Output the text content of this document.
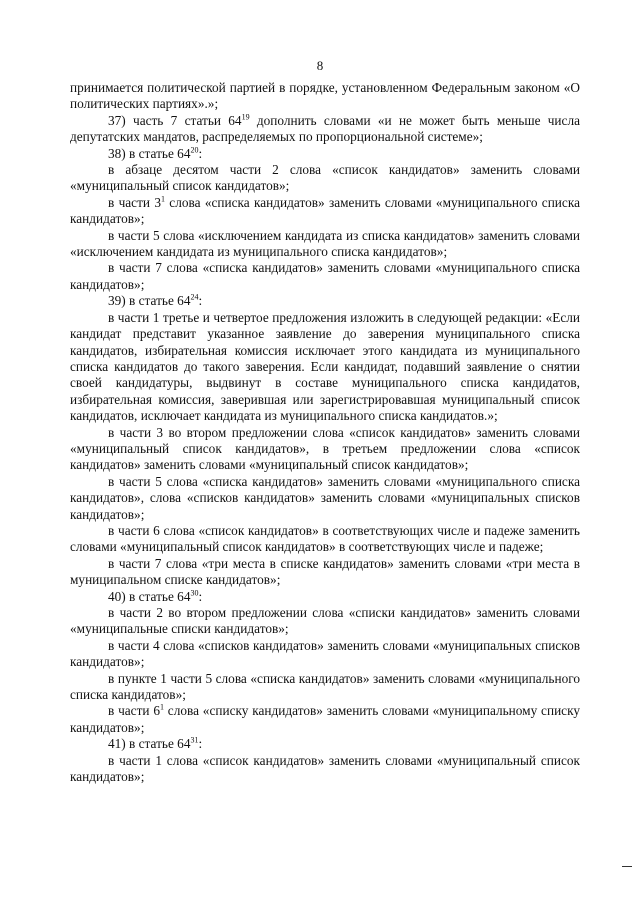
8

принимается политической партией в порядке, установленном Федеральным законом «О политических партиях».»;

37) часть 7 статьи $64^{19}$ дополнить словами «и не может быть меньше числа депутатских мандатов, распределяемых по пропорциональной системе»;

38) в статье $64^{20}$:

в абзаце десятом части 2 слова «список кандидатов» заменить словами «муниципальный список кандидатов»;

в части $3^1$ слова «списка кандидатов» заменить словами «муниципального списка кандидатов»;

в части 5 слова «исключением кандидата из списка кандидатов» заменить словами «исключением кандидата из муниципального списка кандидатов»;

в части 7 слова «списка кандидатов» заменить словами «муниципального списка кандидатов»;

39) в статье $64^{24}$:

в части 1 третье и четвертое предложения изложить в следующей редакции: «Если кандидат представит указанное заявление до заверения муниципального списка кандидатов, избирательная комиссия исключает этого кандидата из муниципального списка кандидатов до такого заверения. Если кандидат, подавший заявление о снятии своей кандидатуры, выдвинут в составе муниципального списка кандидатов, избирательная комиссия, заверившая или зарегистрировавшая муниципальный список кандидатов, исключает кандидата из муниципального списка кандидатов.»;

в части 3 во втором предложении слова «список кандидатов» заменить словами «муниципальный список кандидатов», в третьем предложении слова «список кандидатов» заменить словами «муниципальный список кандидатов»;

в части 5 слова «списка кандидатов» заменить словами «муниципального списка кандидатов», слова «списков кандидатов» заменить словами «муниципальных списков кандидатов»;

в части 6 слова «список кандидатов» в соответствующих числе и падеже заменить словами «муниципальный список кандидатов» в соответствующих числе и падеже;

в части 7 слова «три места в списке кандидатов» заменить словами «три места в муниципальном списке кандидатов»;

40) в статье $64^{30}$:

в части 2 во втором предложении слова «списки кандидатов» заменить словами «муниципальные списки кандидатов»;

в части 4 слова «списков кандидатов» заменить словами «муниципальных списков кандидатов»;

в пункте 1 части 5 слова «списка кандидатов» заменить словами «муниципального списка кандидатов»;

в части $6^1$ слова «списку кандидатов» заменить словами «муниципальному списку кандидатов»;

41) в статье $64^{31}$:

в части 1 слова «список кандидатов» заменить словами «муниципальный список кандидатов»;
